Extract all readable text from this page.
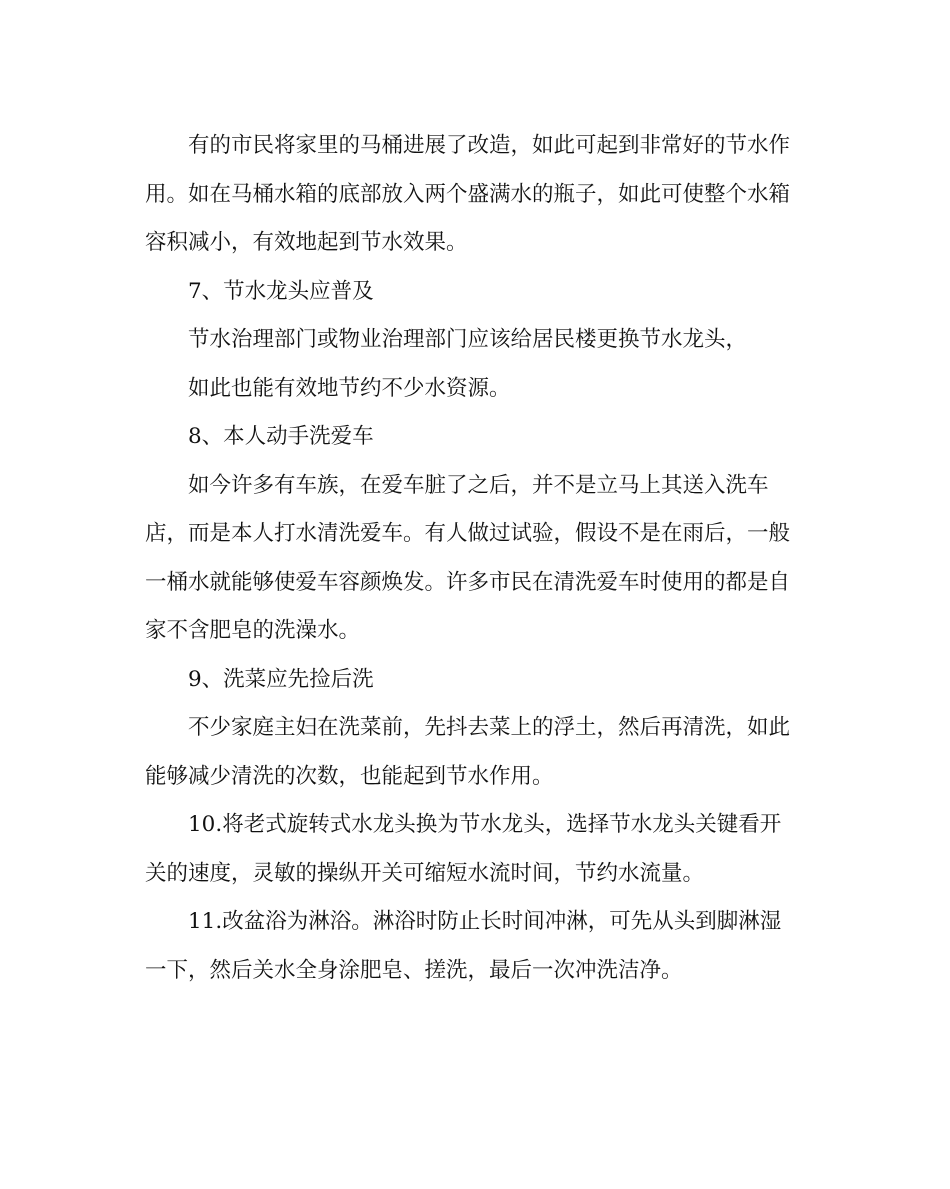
有的市民将家里的马桶进展了改造，如此可起到非常好的节水作
用。如在马桶水箱的底部放入两个盛满水的瓶子，如此可使整个水箱
容积减小，有效地起到节水效果。
7、节水龙头应普及
节水治理部门或物业治理部门应该给居民楼更换节水龙头，
如此也能有效地节约不少水资源。
8、本人动手洗爱车
如今许多有车族，在爱车脏了之后，并不是立马上其送入洗车
店，而是本人打水清洗爱车。有人做过试验，假设不是在雨后，一般
一桶水就能够使爱车容颜焕发。许多市民在清洗爱车时使用的都是自
家不含肥皂的洗澡水。
9、洗菜应先捡后洗
不少家庭主妇在洗菜前，先抖去菜上的浮土，然后再清洗，如此
能够减少清洗的次数，也能起到节水作用。
10.将老式旋转式水龙头换为节水龙头，选择节水龙头关键看开
关的速度，灵敏的操纵开关可缩短水流时间，节约水流量。
11.改盆浴为淋浴。淋浴时防止长时间冲淋，可先从头到脚淋湿
一下，然后关水全身涂肥皂、搓洗，最后一次冲洗洁净。
